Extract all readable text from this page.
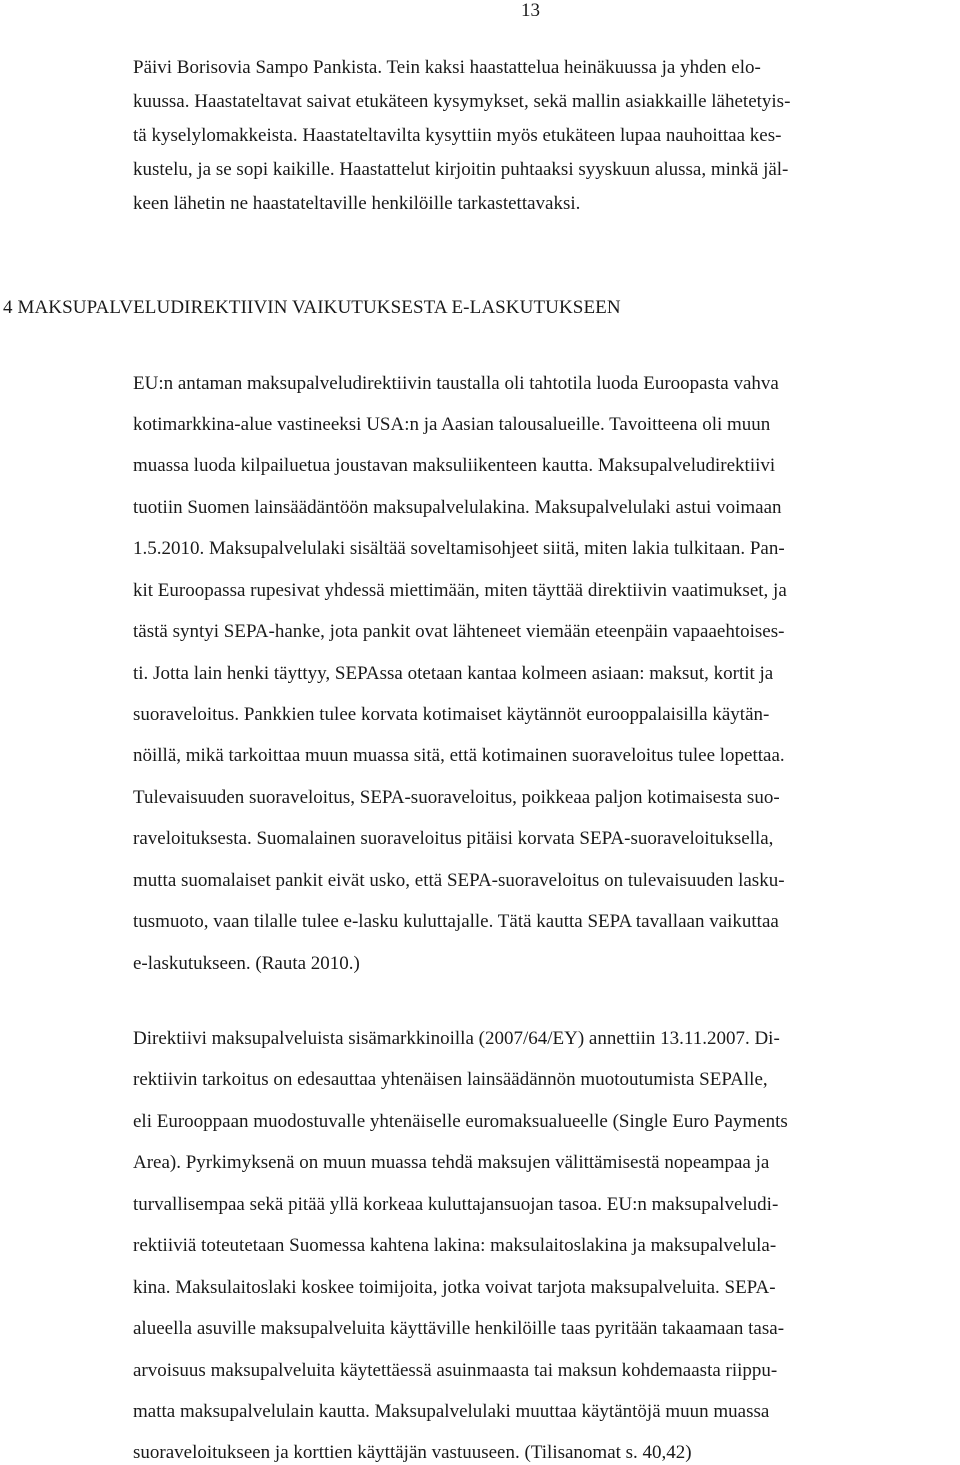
13
Päivi Borisovia Sampo Pankista. Tein kaksi haastattelua heinäkuussa ja yhden elo-
kuussa. Haastateltavat saivat etukäteen kysymykset, sekä mallin asiakkaille lähetetyis-
tä kyselylomakkeista. Haastateltavilta kysyttiin myös etukäteen lupaa nauhoittaa kes-
kustelu, ja se sopi kaikille. Haastattelut kirjoitin puhtaaksi syyskuun alussa, minkä jäl-
keen lähetin ne haastateltaville henkilöille tarkastettavaksi.
4 MAKSUPALVELUDIREKTIIVIN VAIKUTUKSESTA E-LASKUTUKSEEN
EU:n antaman maksupalveludirektiivin taustalla oli tahtotila luoda Euroopasta vahva
kotimarkkina-alue vastineeksi USA:n ja Aasian talousalueille. Tavoitteena oli muun
muassa luoda kilpailuetua joustavan maksuliikenteen kautta. Maksupalveludirektiivi
tuotiin Suomen lainsäädäntöön maksupalvelulakina. Maksupalvelulaki astui voimaan
1.5.2010. Maksupalvelulaki sisältää soveltamisohjeet siitä, miten lakia tulkitaan. Pan-
kit Euroopassa rupesivat yhdessä miettimään, miten täyttää direktiivin vaatimukset, ja
tästä syntyi SEPA-hanke, jota pankit ovat lähteneet viemään eteenpäin vapaaehtoises-
ti. Jotta lain henki täyttyy, SEPAssa otetaan kantaa kolmeen asiaan: maksut, kortit ja
suoraveloitus. Pankkien tulee korvata kotimaiset käytännöt eurooppalaisilla käytän-
nöillä, mikä tarkoittaa muun muassa sitä, että kotimainen suoraveloitus tulee lopettaa.
Tulevaisuuden suoraveloitus, SEPA-suoraveloitus, poikkeaa paljon kotimaisesta suo-
raveloituksesta. Suomalainen suoraveloitus pitäisi korvata SEPA-suoraveloituksella,
mutta suomalaiset pankit eivät usko, että SEPA-suoraveloitus on tulevaisuuden lasku-
tusmuoto, vaan tilalle tulee e-lasku kuluttajalle. Tätä kautta SEPA tavallaan vaikuttaa
e-laskutukseen. (Rauta 2010.)
Direktiivi maksupalveluista sisämarkkinoilla (2007/64/EY) annettiin 13.11.2007. Di-
rektiivin tarkoitus on edesauttaa yhtenäisen lainsäädännön muotoutumista SEPAlle,
eli Eurooppaan muodostuvalle yhtenäiselle euromaksualueelle (Single Euro Payments
Area). Pyrkimyksenä on muun muassa tehdä maksujen välittämisestä nopeampaa ja
turvallisempaa sekä pitää yllä korkeaa kuluttajansuojan tasoa. EU:n maksupalveludi-
rektiiviä toteutetaan Suomessa kahtena lakina: maksulaitoslakina ja maksupalvelula-
kina. Maksulaitoslaki koskee toimijoita, jotka voivat tarjota maksupalveluita. SEPA-
alueella asuville maksupalveluita käyttäville henkilöille taas pyritään takaamaan tasa-
arvoisuus maksupalveluita käytettäessä asuinmaasta tai maksun kohdemaasta riippu-
matta maksupalvelulain kautta. Maksupalvelulaki muuttaa käytäntöjä muun muassa
suoraveloitukseen ja korttien käyttäjän vastuuseen. (Tilisanomat s. 40,42)
